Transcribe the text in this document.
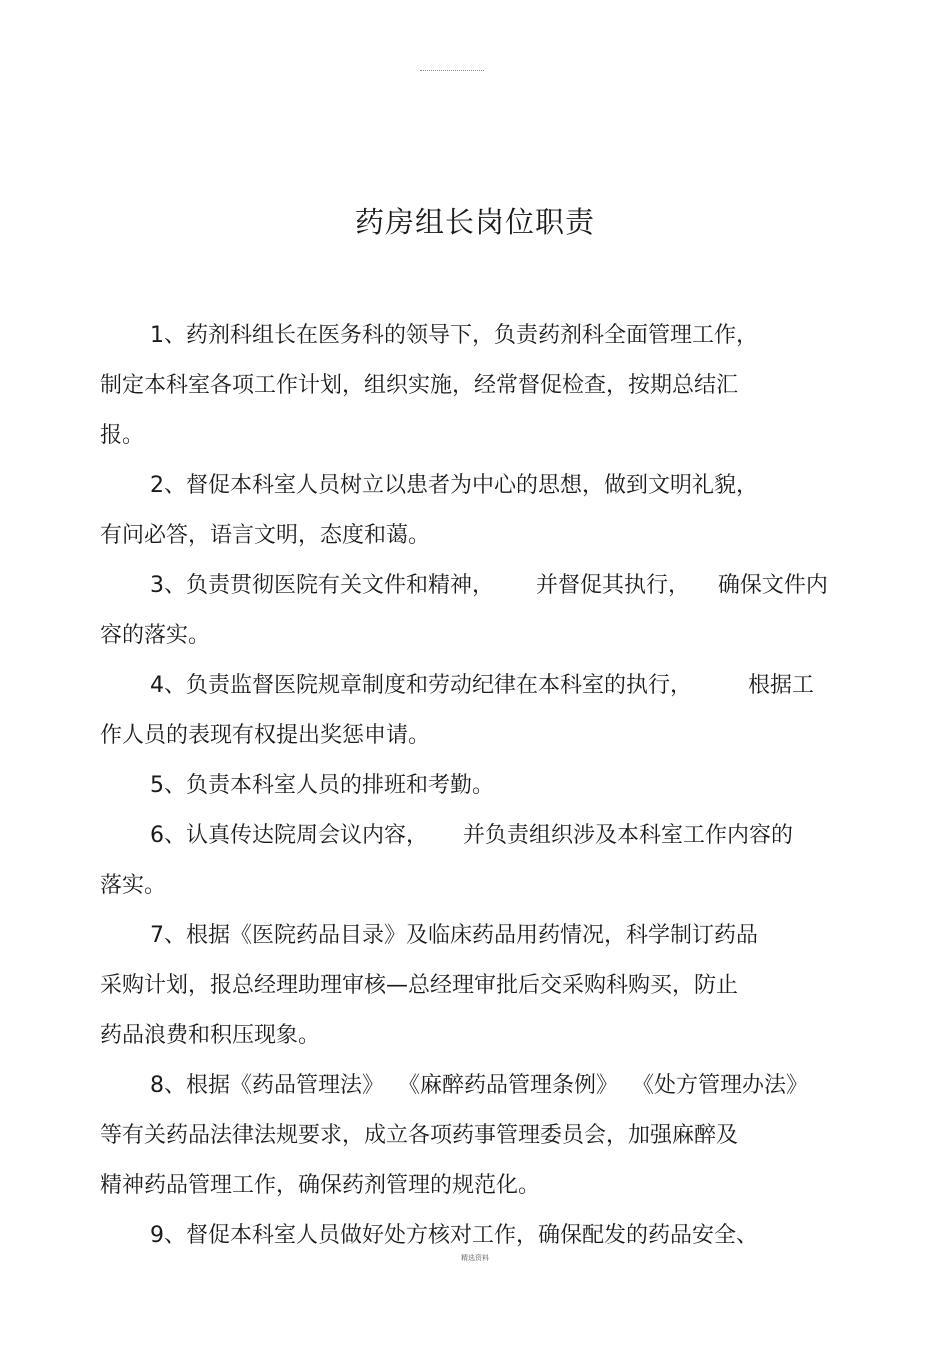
药房组长岗位职责
1、药剂科组长在医务科的领导下，负责药剂科全面管理工作，
制定本科室各项工作计划，组织实施，经常督促检查，按期总结汇
报。
2、督促本科室人员树立以患者为中心的思想，做到文明礼貌，
有问必答，语言文明，态度和蔼。
3、负责贯彻医院有关文件和精神，      并督促其执行，    确保文件内
容的落实。
4、负责监督医院规章制度和劳动纪律在本科室的执行，        根据工
作人员的表现有权提出奖惩申请。
5、负责本科室人员的排班和考勤。
6、认真传达院周会议内容，     并负责组织涉及本科室工作内容的
落实。
7、根据《医院药品目录》及临床药品用药情况，科学制订药品
采购计划，报总经理助理审核—总经理审批后交采购科购买，防止
药品浪费和积压现象。
8、根据《药品管理法》  《麻醉药品管理条例》  《处方管理办法》
等有关药品法律法规要求，成立各项药事管理委员会，加强麻醉及
精神药品管理工作，确保药剂管理的规范化。
9、督促本科室人员做好处方核对工作，确保配发的药品安全、
精选资料
